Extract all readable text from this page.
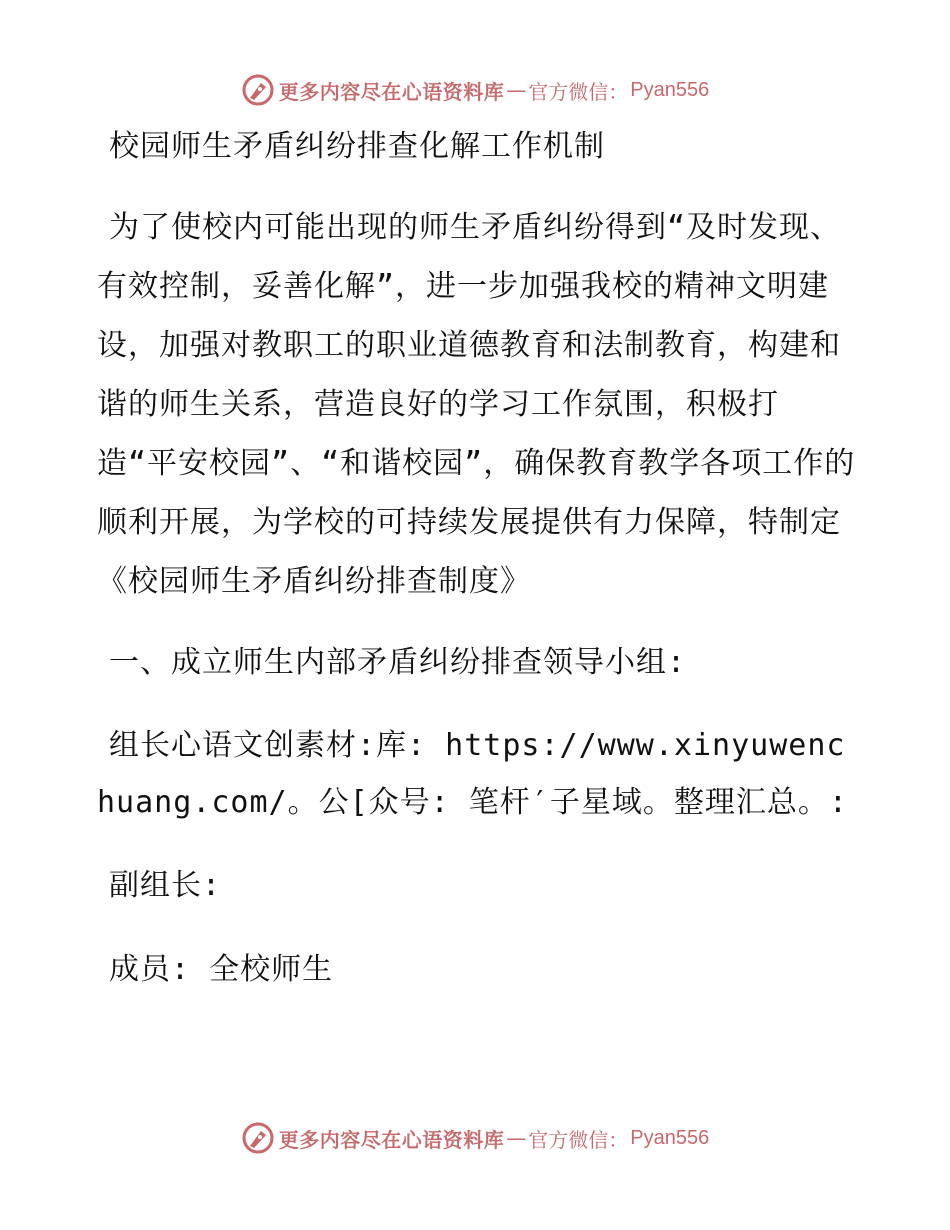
更多内容尽在心语资料库 — 官方微信： Pyan556

校园师生矛盾纠纷排查化解工作机制

为了使校内可能出现的师生矛盾纠纷得到“及时发现、有效控制，妥善化解”，进一步加强我校的精神文明建设，加强对教职工的职业道德教育和法制教育，构建和谐的师生关系，营造良好的学习工作氛围，积极打造“平安校园”、“和谐校园”，确保教育教学各项工作的顺利开展，为学校的可持续发展提供有力保障，特制定《校园师生矛盾纠纷排查制度》

一、成立师生内部矛盾纠纷排查领导小组:

组长心语文创素材:库: https://www.xinyuwenchuang.com/。公[众号: 笔杆′子星域。整理汇总。:

副组长:

成员: 全校师生

更多内容尽在心语资料库 — 官方微信： Pyan556
